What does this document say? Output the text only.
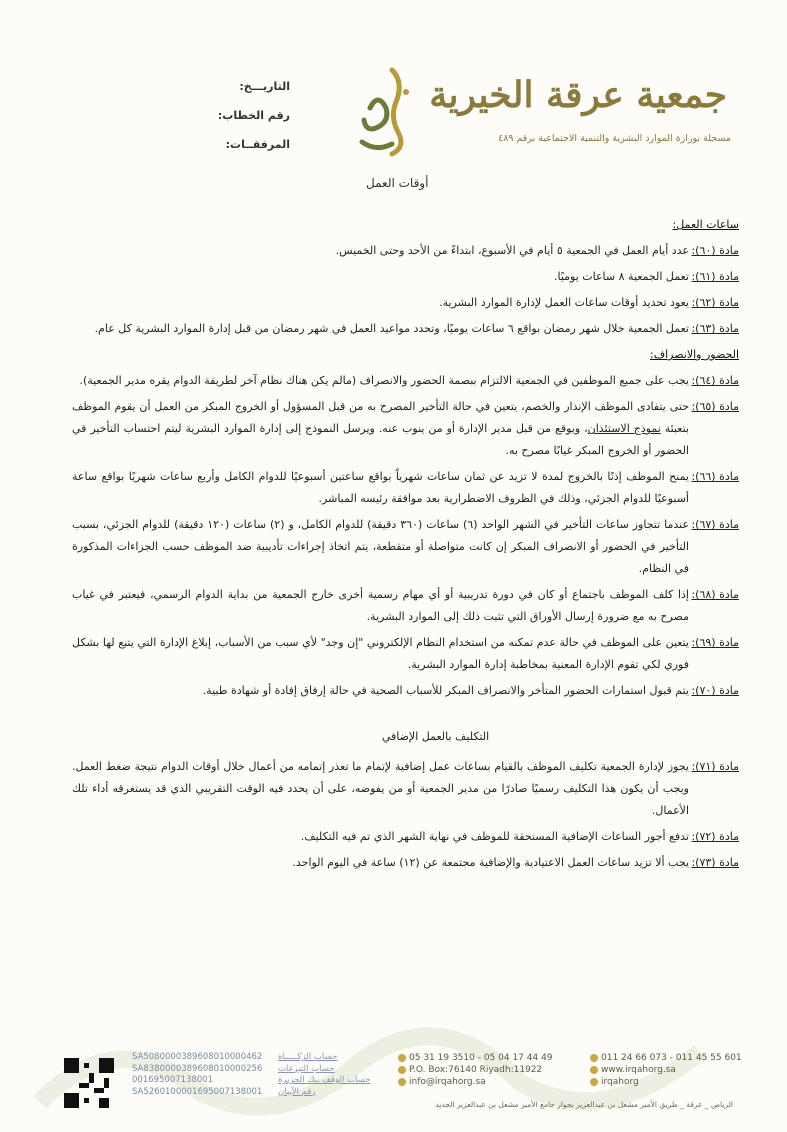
جمعية عرقة الخيرية
مسجلة بوزارة الموارد البشرية والتنمية الاجتماعية برقم ٤٨٩
التاريـــخ:
رقم الخطاب:
المرفقــات:
أوقات العمل
ساعات العمل:
مادة (٦٠):
عدد أيام العمل في الجمعية ٥ أيام في الأسبوع، ابتداءً من الأحد وحتى الخميس.
مادة (٦١):
تعمل الجمعية ٨ ساعات يوميًا.
مادة (٦٢):
يعود تحديد أوقات ساعات العمل لإدارة الموارد البشرية.
مادة (٦٣):
تعمل الجمعية خلال شهر رمضان بواقع ٦ ساعات يوميًا، وتحدد مواعيد العمل في شهر رمضان من قبل إدارة الموارد البشرية كل عام.
الحضور والانصراف:
مادة (٦٤):
يجب على جميع الموظفين في الجمعية الالتزام ببصمة الحضور والانصراف (مالم يكن هناك نظام آخر لطريقة الدوام يقره مدير الجمعية).
مادة (٦٥):
حتى يتفادى الموظف الإنذار والخصم، يتعين في حالة التأخير المصرح به من قبل المسؤول أو الخروج المبكر من العمل أن يقوم الموظف بتعبئة نموذج الاستئذان، ويوقع من قبل مدير الإدارة أو من ينوب عنه. ويرسل النموذج إلى إدارة الموارد البشرية ليتم احتساب التأخير في الحضور أو الخروج المبكر غيابًا مصرح به.
مادة (٦٦):
يمنح الموظف إذنًا بالخروج لمدة لا تزيد عن ثمان ساعات شهرياً بواقع ساعتين أسبوعيًا للدوام الكامل وأربع ساعات شهريًا بواقع ساعة أسبوعيًا للدوام الجزئي، وذلك في الظروف الاضطرارية بعد موافقة رئيسه المباشر.
مادة (٦٧):
عندما تتجاوز ساعات التأخير في الشهر الواحد (٦) ساعات (٣٦٠ دقيقة) للدوام الكامل، و (٢) ساعات (١٢٠ دقيقة) للدوام الجزئي، بسبب التأخير في الحضور أو الانصراف المبكر إن كانت متواصلة أو متقطعة، يتم اتخاذ إجراءات تأديبية ضد الموظف حسب الجزاءات المذكورة في النظام.
مادة (٦٨):
إذا كلف الموظف باجتماع أو كان في دورة تدريبية أو أي مهام رسمية أخرى خارج الجمعية من بداية الدوام الرسمي، فيعتبر في غياب مصرح به مع ضرورة إرسال الأوراق التي تثبت ذلك إلى الموارد البشرية.
مادة (٦٩):
يتعين على الموظف في حالة عدم تمكنه من استخدام النظام الإلكتروني "إن وجد" لأي سبب من الأسباب، إبلاغ الإدارة التي يتبع لها بشكل فوري لكي تقوم الإدارة المعنية بمخاطبة إدارة الموارد البشرية.
مادة (٧٠):
يتم قبول استمارات الحضور المتأخر والانصراف المبكر للأسباب الصحية في حالة إرفاق إفادة أو شهادة طبية.
التكليف بالعمل الإضافي
مادة (٧١):
يجوز لإدارة الجمعية تكليف الموظف بالقيام بساعات عمل إضافية لإتمام ما تعذر إتمامه من أعمال خلال أوقات الدوام نتيجة ضغط العمل. ويجب أن يكون هذا التكليف رسميًا صادرًا من مدير الجمعية أو من يفوضه، على أن يحدد فيه الوقت التقريبي الذي قد يستغرقه أداء تلك الأعمال.
مادة (٧٢):
تدفع أجور الساعات الإضافية المستحقة للموظف في نهاية الشهر الذي تم فيه التكليف.
مادة (٧٣):
يجب ألا تزيد ساعات العمل الاعتيادية والإضافية مجتمعة عن (١٢) ساعة في اليوم الواحد.
SA5080000389608010000462	حساب الزكـــــاة
SA8380000389608010000256	حساب التبرعات
001695007138001	حساب الوقف بنك الجزيرة
SA5260100001695007138001	رقم الآيبان
05 31 19 3510 - 05 04 17 44 49
P.O. Box:76140 Riyadh:11922
info@irqahorg.sa
011 24 66 073 - 011 45 55 601
www.irqahorg.sa
irqahorg
الرياض _ عرقة _ طريق الأمير مشعل بن عبدالعزيز بجوار جامع الأمير مشعل بن عبدالعزيز الجديد
